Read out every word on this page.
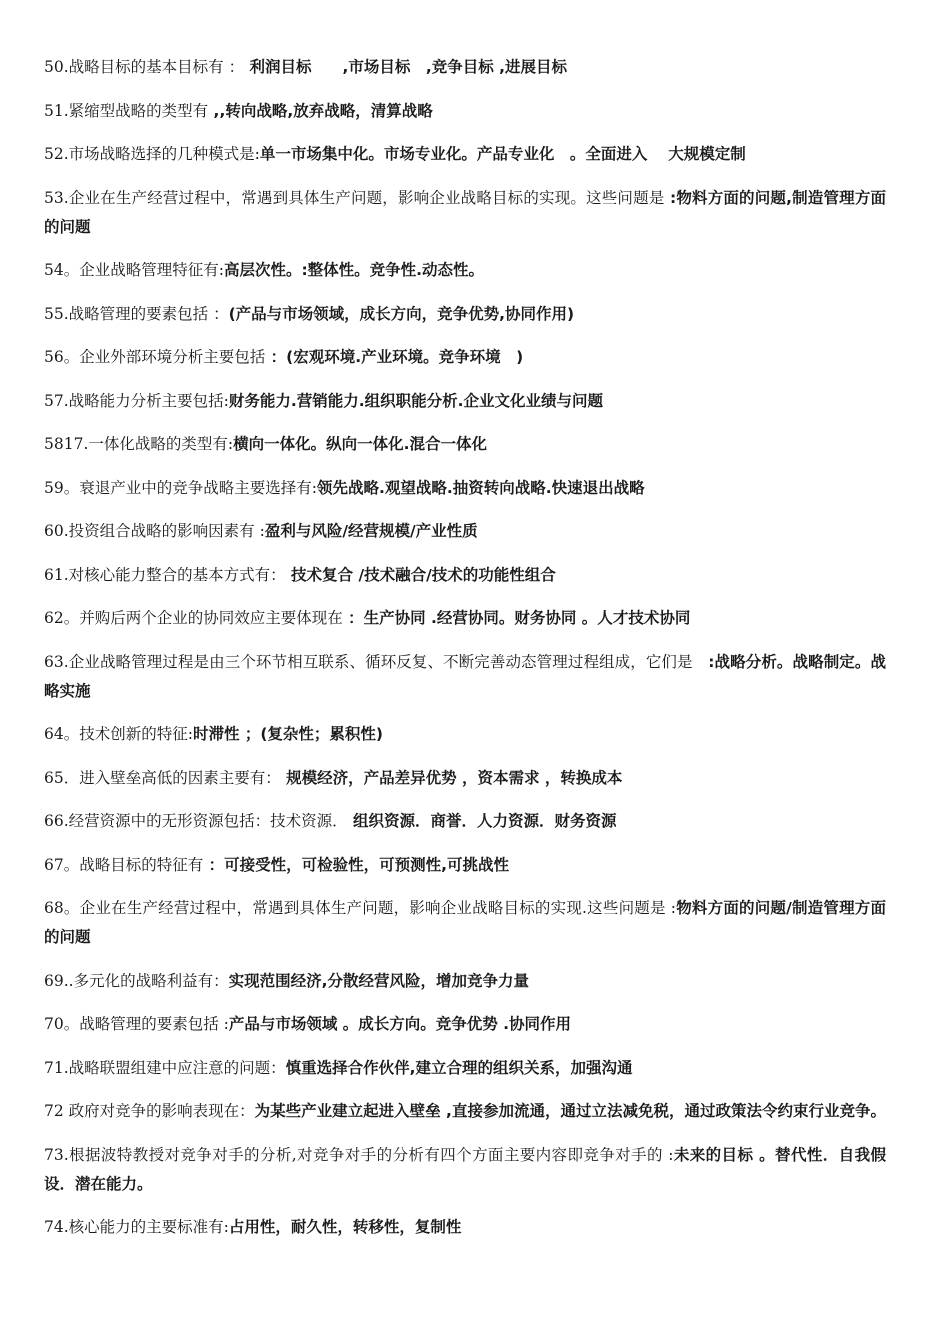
50.战略目标的基本目标有 ： 利润目标　　,市场目标　,竞争目标 ,进展目标

51.紧缩型战略的类型有 ,,转向战略,放弃战略，清算战略

52.市场战略选择的几种模式是:单一市场集中化。市场专业化。产品专业化　。全面进入　 大规模定制

53.企业在生产经营过程中，常遇到具体生产问题，影响企业战略目标的实现。这些问题是 :物料方面的问题,制造管理方面的问题

54。企业战略管理特征有:高层次性。:整体性。竞争性.动态性。

55.战略管理的要素包括 ：(产品与市场领域，成长方向，竞争优势,协同作用)

56。企业外部环境分析主要包括 ：(宏观环境.产业环境。竞争环境　)

57.战略能力分析主要包括:财务能力.营销能力.组织职能分析.企业文化业绩与问题

5817.一体化战略的类型有:横向一体化。纵向一体化.混合一体化

59。衰退产业中的竞争战略主要选择有:领先战略.观望战略.抽资转向战略.快速退出战略

60.投资组合战略的影响因素有 :盈利与风险/经营规模/产业性质

61.对核心能力整合的基本方式有： 技术复合 /技术融合/技术的功能性组合

62。并购后两个企业的协同效应主要体现在 ：生产协同 .经营协同。财务协同 。人才技术协同

63.企业战略管理过程是由三个环节相互联系、循环反复、不断完善动态管理过程组成，它们是　:战略分析。战略制定。战略实施

64。技术创新的特征:时滞性 ；(复杂性；累积性)

65．进入壁垒高低的因素主要有： 规模经济，产品差异优势 ，资本需求 ，转换成本

66.经营资源中的无形资源包括：技术资源． 组织资源．商誉．人力资源．财务资源

67。战略目标的特征有 ：可接受性，可检验性，可预测性,可挑战性

68。企业在生产经营过程中，常遇到具体生产问题，影响企业战略目标的实现.这些问题是 :物料方面的问题/制造管理方面的问题

69..多元化的战略利益有：实现范围经济,分散经营风险，增加竞争力量

70。战略管理的要素包括 :产品与市场领域 。成长方向。竞争优势 .协同作用

71.战略联盟组建中应注意的问题：慎重选择合作伙伴,建立合理的组织关系，加强沟通

72 政府对竞争的影响表现在：为某些产业建立起进入壁垒 ,直接参加流通，通过立法减免税，通过政策法令约束行业竞争。

73.根据波特教授对竞争对手的分析,对竞争对手的分析有四个方面主要内容即竞争对手的 :未来的目标 。替代性．自我假设．潜在能力。

74.核心能力的主要标准有:占用性，耐久性，转移性，复制性
